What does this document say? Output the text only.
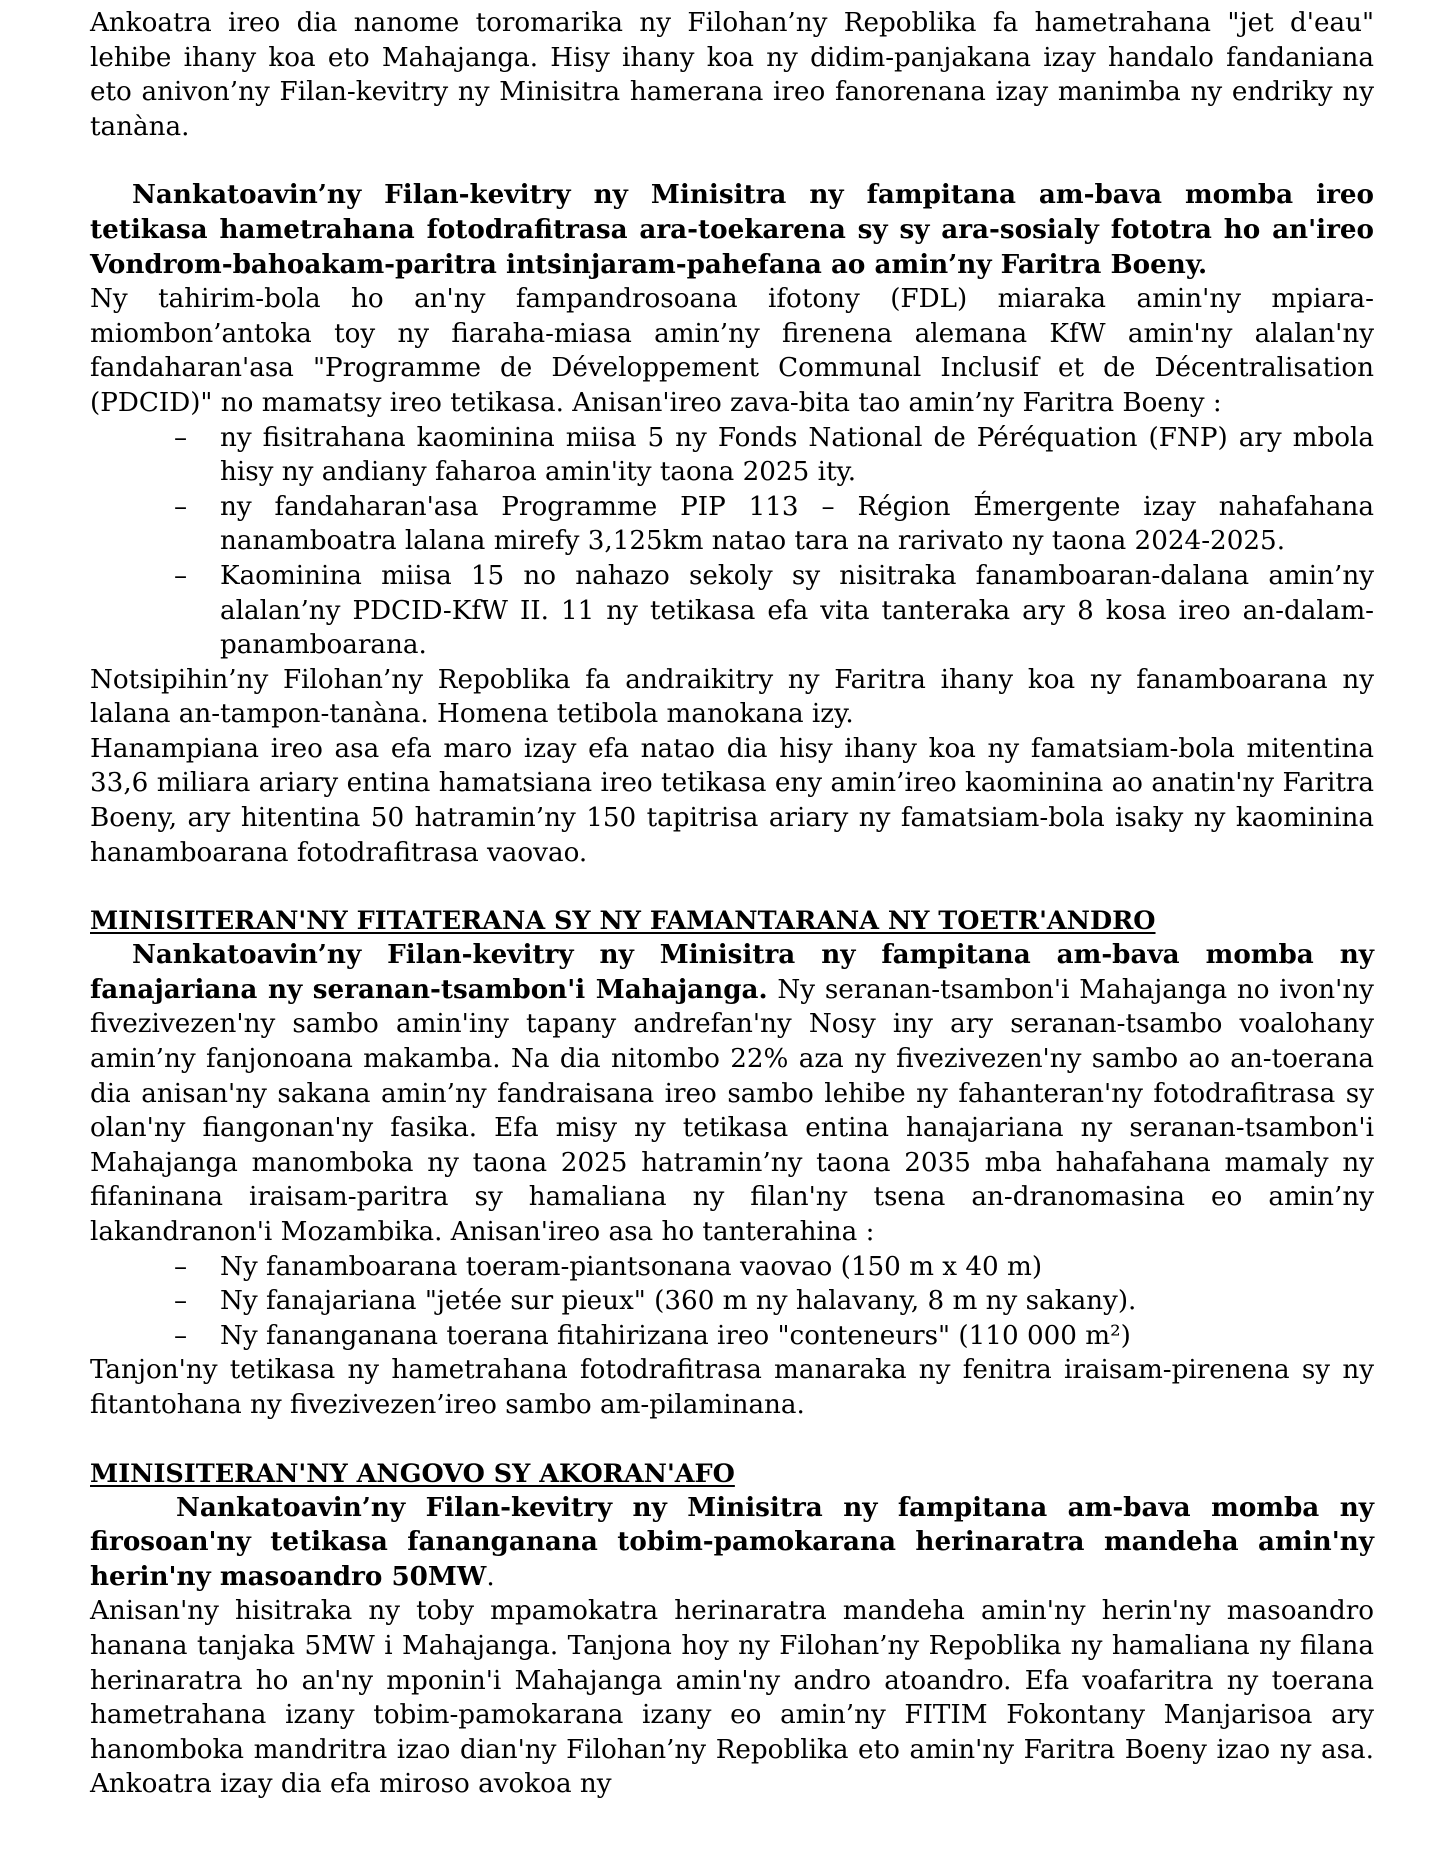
Ankoatra ireo dia nanome toromarika ny Filohan’ny Repoblika fa hametrahana "jet d'eau" lehibe ihany koa eto Mahajanga. Hisy ihany koa ny didim-panjakana izay handalo fandaniana eto anivon’ny Filan-kevitry ny Minisitra hamerana ireo fanorenana izay manimba ny endriky ny tanàna.

Nankatoavin’ny Filan-kevitry ny Minisitra ny fampitana am-bava momba ireo tetikasa hametrahana fotodrafitrasa ara-toekarena sy sy ara-sosialy fototra ho an'ireo Vondrom-bahoakam-paritra intsinjaram-pahefana ao amin’ny Faritra Boeny.

Ny tahirim-bola ho an'ny fampandrosoana ifotony (FDL) miaraka amin'ny mpiara-miombon’antoka toy ny fiaraha-miasa amin’ny firenena alemana KfW amin'ny alalan'ny fandaharan'asa "Programme de Développement Communal Inclusif et de Décentralisation (PDCID)" no mamatsy ireo tetikasa. Anisan'ireo zava-bita tao amin’ny Faritra Boeny :

– ny fisitrahana kaominina miisa 5 ny Fonds National de Péréquation (FNP) ary mbola hisy ny andiany faharoa amin'ity taona 2025 ity.
– ny fandaharan'asa Programme PIP 113 – Région Émergente izay nahafahana nanamboatra lalana mirefy 3,125km natao tara na rarivato ny taona 2024-2025.
– Kaominina miisa 15 no nahazo sekoly sy nisitraka fanamboaran-dalana amin’ny alalan’ny PDCID-KfW II. 11 ny tetikasa efa vita tanteraka ary 8 kosa ireo an-dalam-panamboarana.

Notsipihin’ny Filohan’ny Repoblika fa andraikitry ny Faritra ihany koa ny fanamboarana ny lalana an-tampon-tanàna. Homena tetibola manokana izy.

Hanampiana ireo asa efa maro izay efa natao dia hisy ihany koa ny famatsiam-bola mitentina 33,6 miliara ariary entina hamatsiana ireo tetikasa eny amin’ireo kaominina ao anatin'ny Faritra Boeny, ary hitentina 50 hatramin’ny 150 tapitrisa ariary ny famatsiam-bola isaky ny kaominina hanamboarana fotodrafitrasa vaovao.

MINISITERAN'NY FITATERANA SY NY FAMANTARANA NY TOETR'ANDRO

Nankatoavin’ny Filan-kevitry ny Minisitra ny fampitana am-bava momba ny fanajariana ny seranan-tsambon'i Mahajanga. Ny seranan-tsambon'i Mahajanga no ivon'ny fivezivezen'ny sambo amin'iny tapany andrefan'ny Nosy iny ary seranan-tsambo voalohany amin’ny fanjonoana makamba. Na dia nitombo 22% aza ny fivezivezen'ny sambo ao an-toerana dia anisan'ny sakana amin’ny fandraisana ireo sambo lehibe ny fahanteran'ny fotodrafitrasa sy olan'ny fiangonan'ny fasika. Efa misy ny tetikasa entina hanajariana ny seranan-tsambon'i Mahajanga manomboka ny taona 2025 hatramin’ny taona 2035 mba hahafahana mamaly ny fifaninana iraisam-paritra sy hamaliana ny filan'ny tsena an-dranomasina eo amin’ny lakandranon'i Mozambika. Anisan'ireo asa ho tanterahina :

– Ny fanamboarana toeram-piantsonana vaovao (150 m x 40 m)
– Ny fanajariana "jetée sur pieux" (360 m ny halavany, 8 m ny sakany).
– Ny fananganana toerana fitahirizana ireo "conteneurs" (110 000 m²)

Tanjon'ny tetikasa ny hametrahana fotodrafitrasa manaraka ny fenitra iraisam-pirenena sy ny fitantohana ny fivezivezen’ireo sambo am-pilaminana.

MINISITERAN'NY ANGOVO SY AKORAN'AFO

Nankatoavin’ny Filan-kevitry ny Minisitra ny fampitana am-bava momba ny firosoan'ny tetikasa fananganana tobim-pamokarana herinaratra mandeha amin'ny herin'ny masoandro 50MW.

Anisan'ny hisitraka ny toby mpamokatra herinaratra mandeha amin'ny herin'ny masoandro hanana tanjaka 5MW i Mahajanga. Tanjona hoy ny Filohan’ny Repoblika ny hamaliana ny filana herinaratra ho an'ny mponin'i Mahajanga amin'ny andro atoandro. Efa voafaritra ny toerana hametrahana izany tobim-pamokarana izany eo amin’ny FITIM Fokontany Manjarisoa ary hanomboka mandritra izao dian'ny Filohan’ny Repoblika eto amin'ny Faritra Boeny izao ny asa. Ankoatra izay dia efa miroso avokoa ny
